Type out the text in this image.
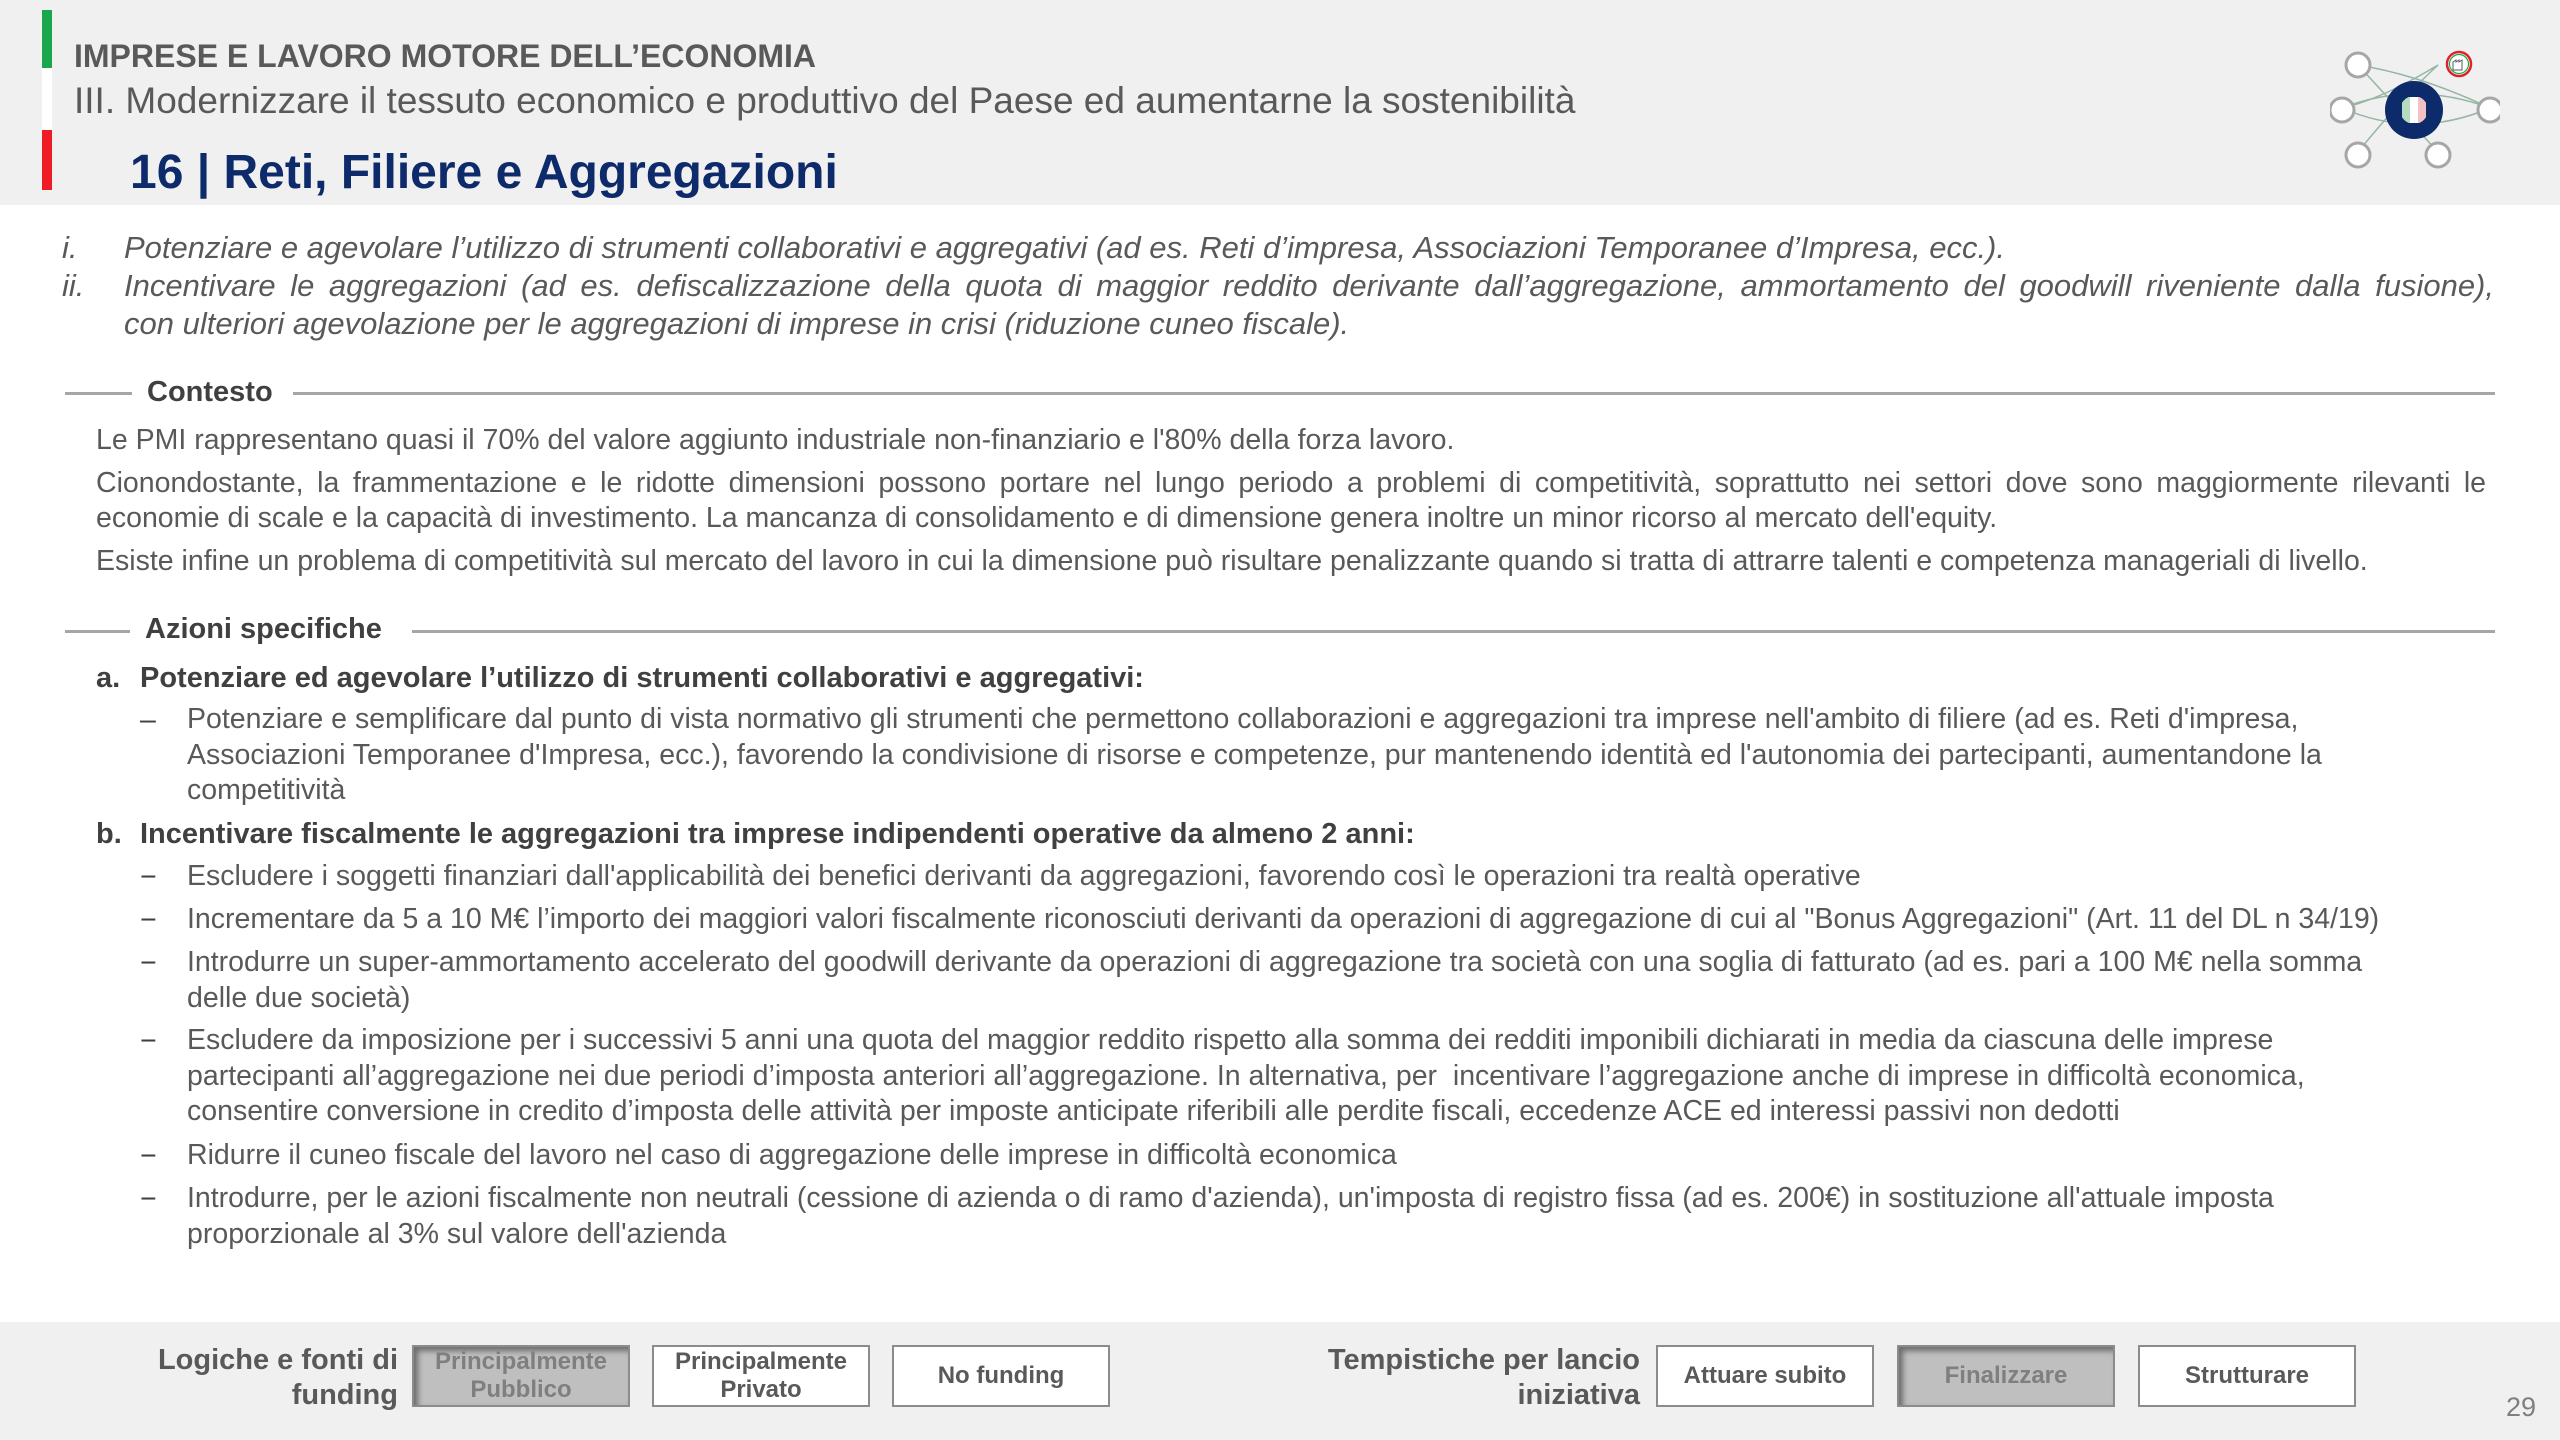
IMPRESE E LAVORO MOTORE DELL’ECONOMIA
III. Modernizzare il tessuto economico e produttivo del Paese ed aumentarne la sostenibilità
16 | Reti, Filiere e Aggregazioni
i. Potenziare e agevolare l’utilizzo di strumenti collaborativi e aggregativi (ad es. Reti d’impresa, Associazioni Temporanee d’Impresa, ecc.).
ii. Incentivare le aggregazioni (ad es. defiscalizzazione della quota di maggior reddito derivante dall’aggregazione, ammortamento del goodwill riveniente dalla fusione),
con ulteriori agevolazione per le aggregazioni di imprese in crisi (riduzione cuneo fiscale).
Contesto
Le PMI rappresentano quasi il 70% del valore aggiunto industriale non-finanziario e l'80% della forza lavoro.
Cionondostante, la frammentazione e le ridotte dimensioni possono portare nel lungo periodo a problemi di competitività, soprattutto nei settori dove sono maggiormente rilevanti le
economie di scale e la capacità di investimento. La mancanza di consolidamento e di dimensione genera inoltre un minor ricorso al mercato dell'equity.
Esiste infine un problema di competitività sul mercato del lavoro in cui la dimensione può risultare penalizzante quando si tratta di attrarre talenti e competenza manageriali di livello.
Azioni specifiche
a. Potenziare ed agevolare l’utilizzo di strumenti collaborativi e aggregativi:
– Potenziare e semplificare dal punto di vista normativo gli strumenti che permettono collaborazioni e aggregazioni tra imprese nell'ambito di filiere (ad es. Reti d'impresa,
Associazioni Temporanee d'Impresa, ecc.), favorendo la condivisione di risorse e competenze, pur mantenendo identità ed l'autonomia dei partecipanti, aumentandone la
competitività
b. Incentivare fiscalmente le aggregazioni tra imprese indipendenti operative da almeno 2 anni:
− Escludere i soggetti finanziari dall'applicabilità dei benefici derivanti da aggregazioni, favorendo così le operazioni tra realtà operative
− Incrementare da 5 a 10 M€ l’importo dei maggiori valori fiscalmente riconosciuti derivanti da operazioni di aggregazione di cui al "Bonus Aggregazioni" (Art. 11 del DL n 34/19)
− Introdurre un super-ammortamento accelerato del goodwill derivante da operazioni di aggregazione tra società con una soglia di fatturato (ad es. pari a 100 M€ nella somma
delle due società)
− Escludere da imposizione per i successivi 5 anni una quota del maggior reddito rispetto alla somma dei redditi imponibili dichiarati in media da ciascuna delle imprese
partecipanti all’aggregazione nei due periodi d’imposta anteriori all’aggregazione. In alternativa, per  incentivare l’aggregazione anche di imprese in difficoltà economica,
consentire conversione in credito d’imposta delle attività per imposte anticipate riferibili alle perdite fiscali, eccedenze ACE ed interessi passivi non dedotti
− Ridurre il cuneo fiscale del lavoro nel caso di aggregazione delle imprese in difficoltà economica
− Introdurre, per le azioni fiscalmente non neutrali (cessione di azienda o di ramo d'azienda), un'imposta di registro fissa (ad es. 200€) in sostituzione all'attuale imposta
proporzionale al 3% sul valore dell'azienda
Logiche e fonti di
funding
Principalmente
Pubblico
Principalmente
Privato
No funding	Tempistiche per lancio
iniziativa
Attuare subito	Finalizzare	Strutturare
29
